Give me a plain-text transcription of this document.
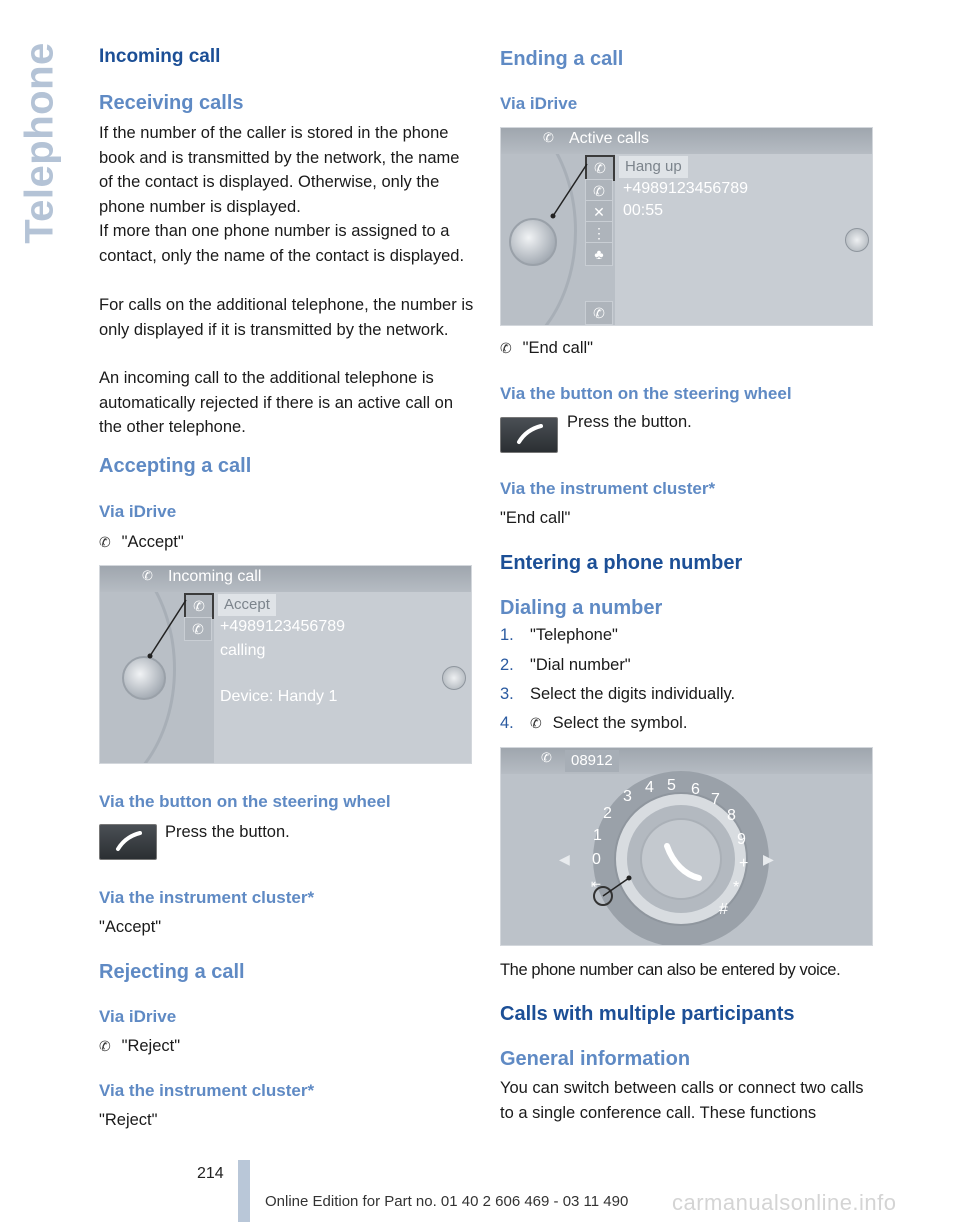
Telephone Incoming call
Receiving calls
If the number of the caller is stored in the phone book and is transmitted by the network, the name of the contact is displayed. Otherwise, only the phone number is displayed.
If more than one phone number is assigned to a contact, only the name of the contact is displayed.
For calls on the additional telephone, the number is only displayed if it is transmitted by the network.
An incoming call to the additional telephone is automatically rejected if there is an active call on the other telephone.
Accepting a call
Via iDrive
✆ "Accept"
✆ Incoming call
✆
✆
Accept
+4989123456789
calling
Device: Handy 1
Via the button on the steering wheel
Press the button.
Via the instrument cluster*
"Accept"
Rejecting a call
Via iDrive
✆ "Reject"
Via the instrument cluster*
"Reject"
Ending a call
Via iDrive
✆ Active calls
✆
✆
✕
⋮
♣
✆
Hang up
+4989123456789
00:55
✆ "End call"
Via the button on the steering wheel
Press the button.
Via the instrument cluster*
"End call"
Entering a phone number
Dialing a number
1. "Telephone"
2. "Dial number"
3. Select the digits individually.
4. ✆ Select the symbol.
✆	08912
0
1
2
3
4 5 6
7
8
9
+
*
#
⇤
◀	▶
The phone number can also be entered by voice.
Calls with multiple participants
General information
You can switch between calls or connect two calls to a single conference call. These functions
214
Online Edition for Part no. 01 40 2 606 469 - 03 11 490 carmanualsonline.info
